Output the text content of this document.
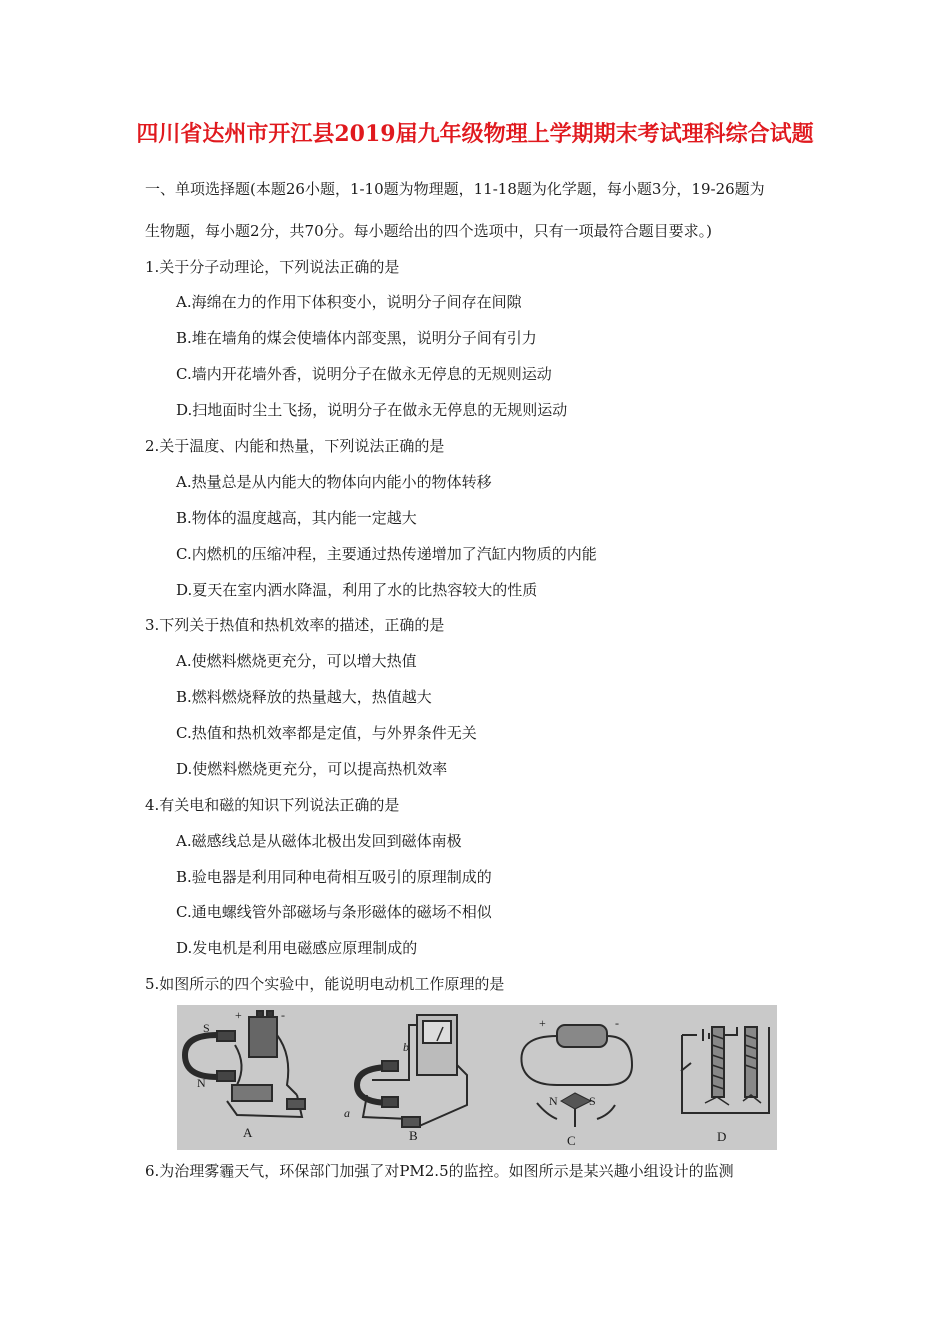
四川省达州市开江县2019届九年级物理上学期期末考试理科综合试题
一、单项选择题(本题26小题，1-10题为物理题，11-18题为化学题，每小题3分，19-26题为
生物题，每小题2分，共70分。每小题给出的四个选项中，只有一项最符合题目要求。)
1.关于分子动理论，下列说法正确的是
A.海绵在力的作用下体积变小，说明分子间存在间隙
B.堆在墙角的煤会使墙体内部变黑，说明分子间有引力
C.墙内开花墙外香，说明分子在做永无停息的无规则运动
D.扫地面时尘土飞扬，说明分子在做永无停息的无规则运动
2.关于温度、内能和热量，下列说法正确的是
A.热量总是从内能大的物体向内能小的物体转移
B.物体的温度越高，其内能一定越大
C.内燃机的压缩冲程，主要通过热传递增加了汽缸内物质的内能
D.夏天在室内洒水降温，利用了水的比热容较大的性质
3.下列关于热值和热机效率的描述，正确的是
A.使燃料燃烧更充分，可以增大热值
B.燃料燃烧释放的热量越大，热值越大
C.热值和热机效率都是定值，与外界条件无关
D.使燃料燃烧更充分，可以提高热机效率
4.有关电和磁的知识下列说法正确的是
A.磁感线总是从磁体北极出发回到磁体南极
B.验电器是利用同种电荷相互吸引的原理制成的
C.通电螺线管外部磁场与条形磁体的磁场不相似
D.发电机是利用电磁感应原理制成的
5.如图所示的四个实验中，能说明电动机工作原理的是
S
N
+	-
A
a
b
B
+	-
N	S
C	D
6.为治理雾霾天气，环保部门加强了对PM2.5的监控。如图所示是某兴趣小组设计的监测
